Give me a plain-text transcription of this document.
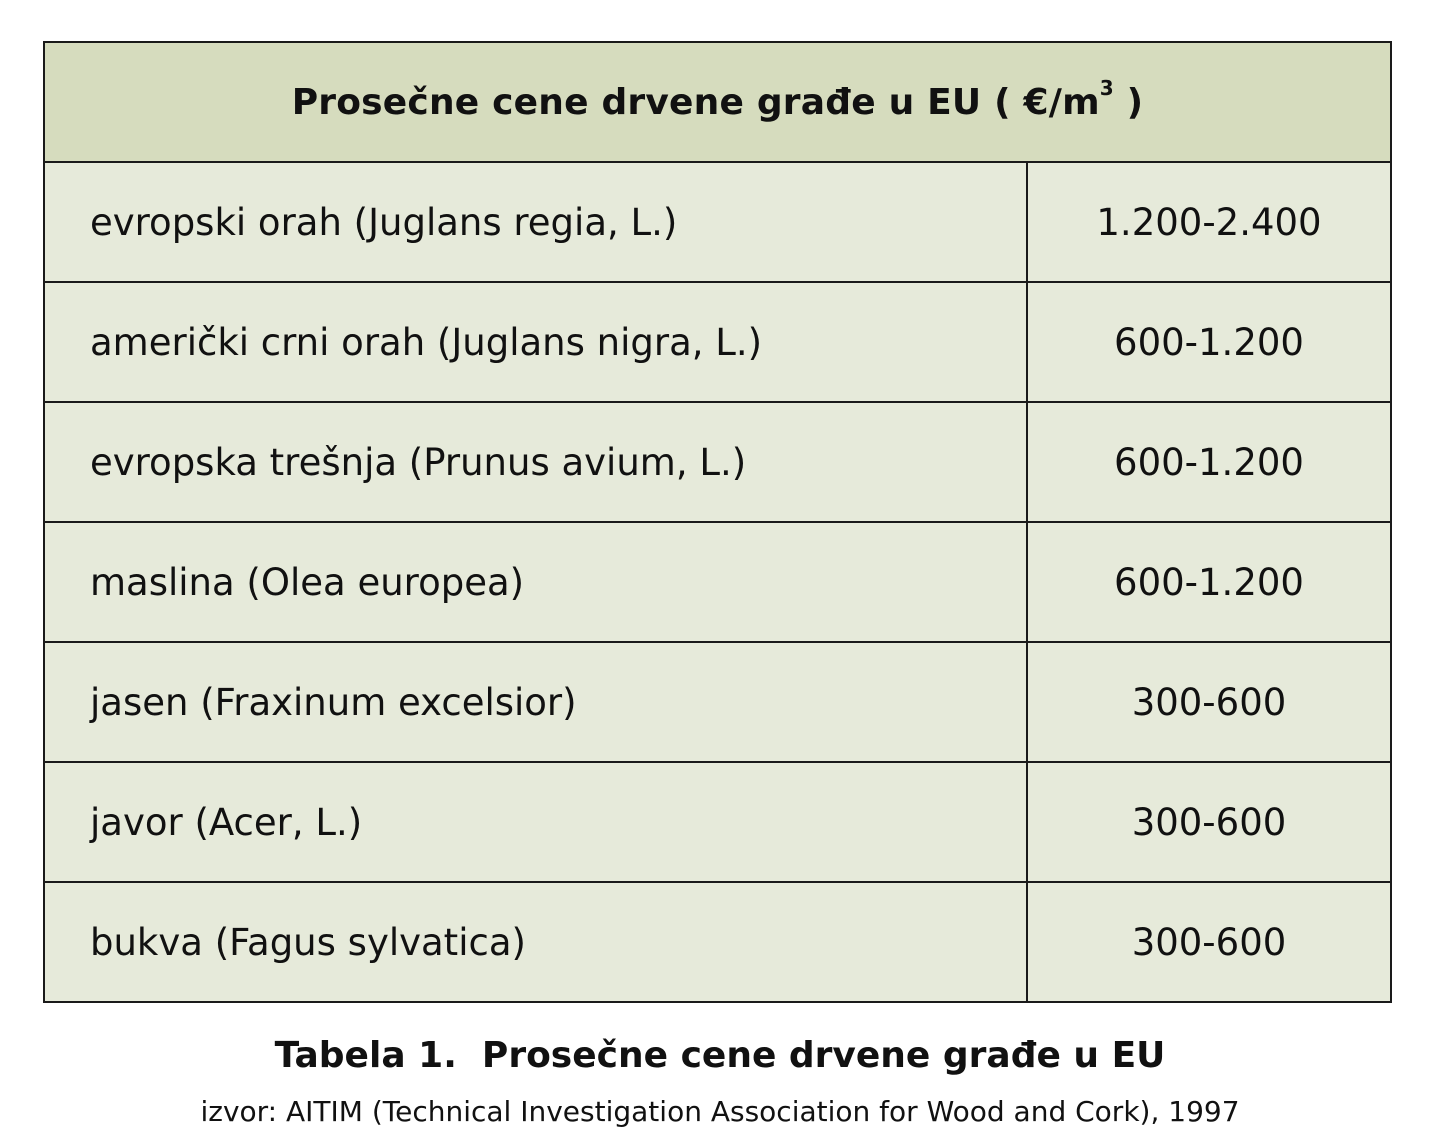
Prosečne cene drvene građe u EU ( $€/m^3$ )	
evropski orah (Juglans regia, L.)	1.200-2.400
američki crni orah (Juglans nigra, L.)	600-1.200
evropska trešnja (Prunus avium, L.)	600-1.200
maslina (Olea europea)	600-1.200
jasen (Fraxinum excelsior)	300-600
javor (Acer, L.)	300-600
bukva (Fagus sylvatica)	300-600
Tabela 1.  Prosečne cene drvene građe u EU
izvor: AITIM (Technical Investigation Association for Wood and Cork), 1997
